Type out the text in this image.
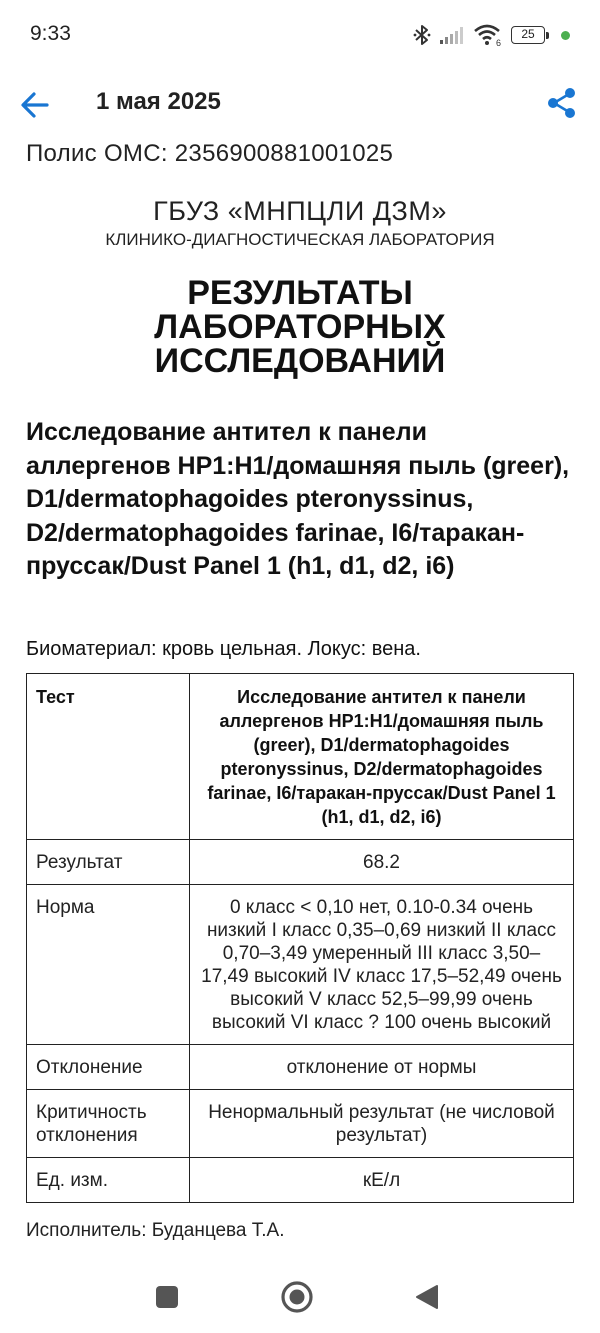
9:33	6
25
1 мая 2025
Полис ОМС: 2356900881001025
ГБУЗ «МНПЦЛИ ДЗМ»
КЛИНИКО-ДИАГНОСТИЧЕСКАЯ ЛАБОРАТОРИЯ
РЕЗУЛЬТАТЫ ЛАБОРАТОРНЫХ ИССЛЕДОВАНИЙ
Исследование антител к панели аллергенов HP1:H1/домашняя пыль (greer), D1/dermatophagoides pteronyssinus, D2/dermatophagoides farinae, I6/таракан-пруссак/Dust Panel 1 (h1, d1, d2, i6)
Биоматериал: кровь цельная. Локус: вена.
Тест	Исследование антител к панели аллергенов HP1:H1/домашняя пыль (greer), D1/dermatophagoides pteronyssinus, D2/dermatophagoides farinae, I6/таракан-пруссак/Dust Panel 1 (h1, d1, d2, i6)
Результат	68.2
Норма	0 класс < 0,10 нет, 0.10-0.34 очень низкий I класс 0,35–0,69 низкий II класс 0,70–3,49 умеренный III класс 3,50–17,49 высокий IV класс 17,5–52,49 очень высокий V класс 52,5–99,99 очень высокий VI класс ? 100 очень высокий
Отклонение	отклонение от нормы
Критичность отклонения	Ненормальный результат (не числовой результат)
Ед. изм.	кЕ/л
Исполнитель: Буданцева Т.А.
